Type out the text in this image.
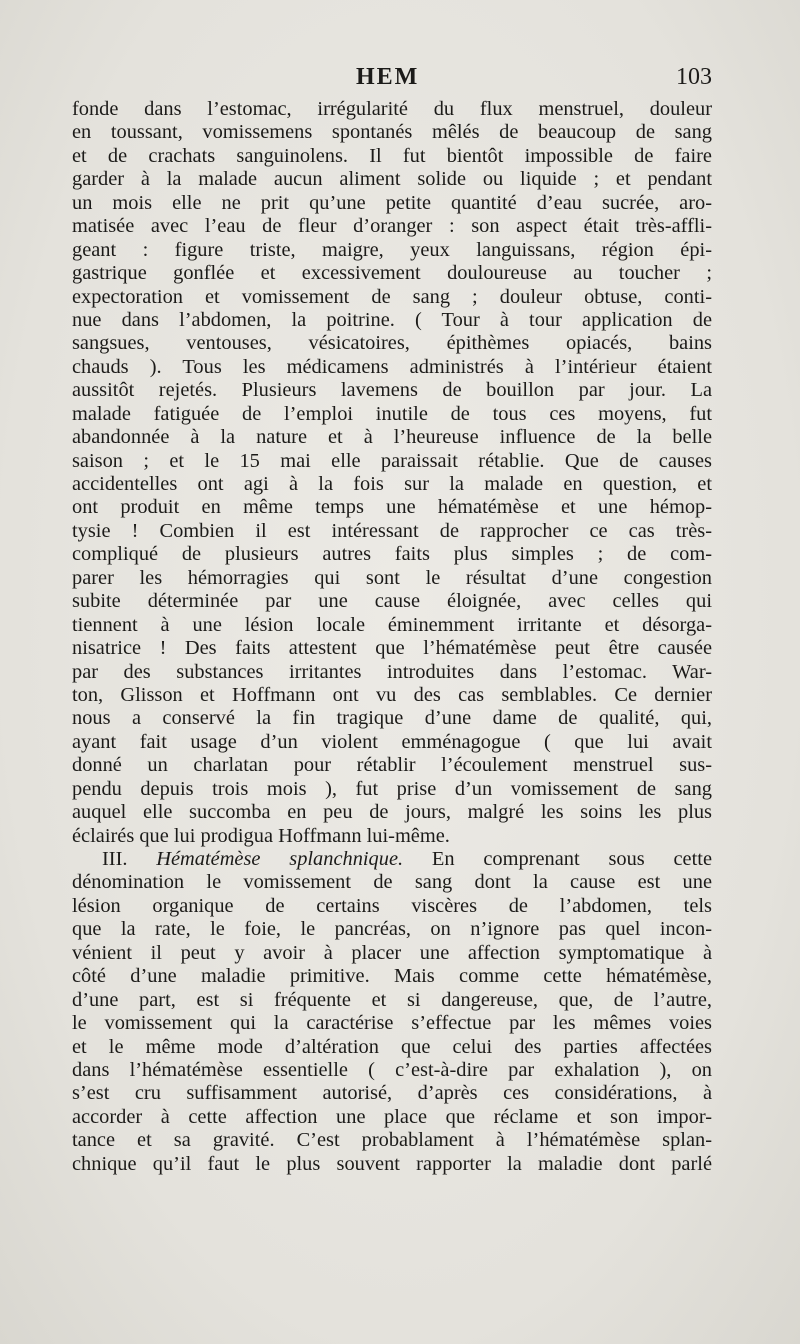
HEM	103
fonde dans l’estomac, irrégularité du flux menstruel, douleur
en toussant, vomissemens spontanés mêlés de beaucoup de sang
et de crachats sanguinolens. Il fut bientôt impossible de faire
garder à la malade aucun aliment solide ou liquide ; et pendant
un mois elle ne prit qu’une petite quantité d’eau sucrée, aro-
matisée avec l’eau de fleur d’oranger : son aspect était très-affli-
geant : figure triste, maigre, yeux languissans, région épi-
gastrique gonflée et excessivement douloureuse au toucher ;
expectoration et vomissement de sang ; douleur obtuse, conti-
nue dans l’abdomen, la poitrine. ( Tour à tour application de
sangsues, ventouses, vésicatoires, épithèmes opiacés, bains
chauds ). Tous les médicamens administrés à l’intérieur étaient
aussitôt rejetés. Plusieurs lavemens de bouillon par jour. La
malade fatiguée de l’emploi inutile de tous ces moyens, fut
abandonnée à la nature et à l’heureuse influence de la belle
saison ; et le 15 mai elle paraissait rétablie. Que de causes
accidentelles ont agi à la fois sur la malade en question, et
ont produit en même temps une hématémèse et une hémop-
tysie ! Combien il est intéressant de rapprocher ce cas très-
compliqué de plusieurs autres faits plus simples ; de com-
parer les hémorragies qui sont le résultat d’une congestion
subite déterminée par une cause éloignée, avec celles qui
tiennent à une lésion locale éminemment irritante et désorga-
nisatrice ! Des faits attestent que l’hématémèse peut être causée
par des substances irritantes introduites dans l’estomac. War-
ton, Glisson et Hoffmann ont vu des cas semblables. Ce dernier
nous a conservé la fin tragique d’une dame de qualité, qui,
ayant fait usage d’un violent emménagogue ( que lui avait
donné un charlatan pour rétablir l’écoulement menstruel sus-
pendu depuis trois mois ), fut prise d’un vomissement de sang
auquel elle succomba en peu de jours, malgré les soins les plus
éclairés que lui prodigua Hoffmann lui-même.
III. Hématémèse splanchnique. En comprenant sous cette
dénomination le vomissement de sang dont la cause est une
lésion organique de certains viscères de l’abdomen, tels
que la rate, le foie, le pancréas, on n’ignore pas quel incon-
vénient il peut y avoir à placer une affection symptomatique à
côté d’une maladie primitive. Mais comme cette hématémèse,
d’une part, est si fréquente et si dangereuse, que, de l’autre,
le vomissement qui la caractérise s’effectue par les mêmes voies
et le même mode d’altération que celui des parties affectées
dans l’hématémèse essentielle ( c’est-à-dire par exhalation ), on
s’est cru suffisamment autorisé, d’après ces considérations, à
accorder à cette affection une place que réclame et son impor-
tance et sa gravité. C’est probablament à l’hématémèse splan-
chnique qu’il faut le plus souvent rapporter la maladie dont parlé
